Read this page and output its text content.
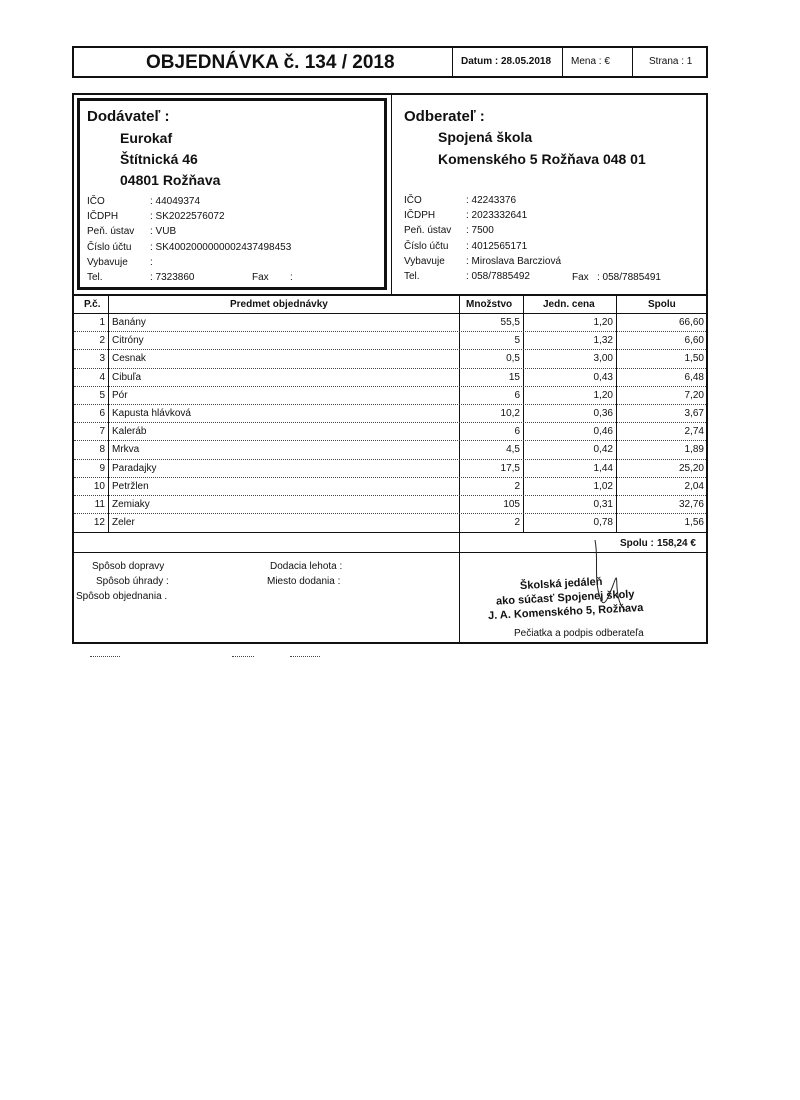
OBJEDNÁVKA č. 134 / 2018	Datum : 28.05.2018 Mena : €	Strana : 1
Dodávateľ :
Eurokaf
Štítnická 46
04801 Rožňava
IČO	: 44049374
IČDPH	: SK2022576072
Peň. ústav : VUB
Číslo účtu : SK4002000000002437498453
Vybavuje :
Tel.	: 7323860	Fax :
Odberateľ :
Spojená škola
Komenského 5 Rožňava 048 01
IČO	: 42243376
IČDPH	: 2023332641
Peň. ústav : 7500
Číslo účtu : 4012565171
Vybavuje : Miroslava Barcziová
Tel.	: 058/7885492	Fax : 058/7885491
P.č.	Predmet objednávky	Množstvo	Jedn. cena	Spolu
1 Banány	55,5	1,20	66,60
2 Citróny	5	1,32	6,60
3 Cesnak	0,5	3,00	1,50
4 Cibuľa	15	0,43	6,48
5 Pór	6	1,20	7,20
6 Kapusta hlávková	10,2	0,36	3,67
7 Kaleráb	6	0,46	2,74
8 Mrkva	4,5	0,42	1,89
9 Paradajky	17,5	1,44	25,20
10 Petržlen	2	1,02	2,04
11 Zemiaky	105	0,31	32,76
12 Zeler	2	0,78	1,56
Spolu : 158,24 €
Spôsob dopravy
Spôsob úhrady :
Spôsob objednania .
Dodacia lehota :
Miesto dodania :	Školská jedáleň
ako súčasť Spojenej školy
J. A. Komenského 5, Rožňava
Pečiatka a podpis odberateľa
